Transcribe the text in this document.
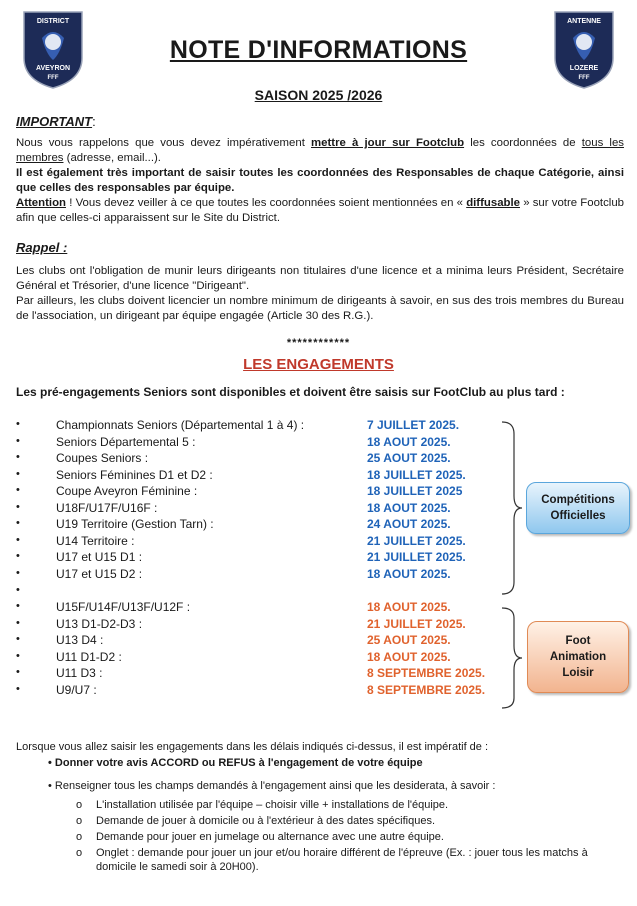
DISTRICT
AVEYRON
FFF
ANTENNE
LOZERE
FFF
NOTE D'INFORMATIONS
SAISON 2025 /2026
IMPORTANT:
Nous vous rappelons que vous devez impérativement mettre à jour sur Footclub les coordonnées de tous les membres (adresse, email...).
Il est également très important de saisir toutes les coordonnées des Responsables de chaque Catégorie, ainsi que celles des responsables par équipe.
Attention ! Vous devez veiller à ce que toutes les coordonnées soient mentionnées en « diffusable » sur votre Footclub afin que celles-ci apparaissent sur le Site du District.
Rappel :
Les clubs ont l'obligation de munir leurs dirigeants non titulaires d'une licence et a minima leurs Président, Secrétaire Général et Trésorier, d'une licence "Dirigeant".
Par ailleurs, les clubs doivent licencier un nombre minimum de dirigeants à savoir, en sus des trois membres du Bureau de l'association, un dirigeant par équipe engagée (Article 30 des R.G.).
************
LES ENGAGEMENTS
Les pré-engagements Seniors sont disponibles et doivent être saisis sur FootClub au plus tard :
•	Championnats Seniors (Départemental 1 à 4) :	7 JUILLET 2025.
•	Seniors Départemental 5 :	18 AOUT 2025.
•	Coupes Seniors :	25 AOUT 2025.
•	Seniors Féminines D1 et D2 :	18 JUILLET 2025.
•	Coupe Aveyron Féminine :	18 JUILLET 2025
•	U18F/U17F/U16F :	18 AOUT 2025.
•	U19 Territoire (Gestion Tarn) :	24 AOUT 2025.
•	U14 Territoire :	21 JUILLET 2025.
•	U17 et U15 D1 :	21 JUILLET 2025.
•	U17 et U15 D2 :	18 AOUT 2025.
•
•	U15F/U14F/U13F/U12F :	18 AOUT 2025.
•	U13 D1-D2-D3 :	21 JUILLET 2025.
•	U13 D4 :	25 AOUT 2025.
•	U11 D1-D2 :	18 AOUT 2025.
•	U11 D3 :	8 SEPTEMBRE 2025.
•	U9/U7 :	8 SEPTEMBRE 2025.
Compétitions
Officielles
Foot
Animation
Loisir
Lorsque vous allez saisir les engagements dans les délais indiqués ci-dessus, il est impératif de :
• Donner votre avis ACCORD ou REFUS à l'engagement de votre équipe
• Renseigner tous les champs demandés à l'engagement ainsi que les desiderata, à savoir :
o L'installation utilisée par l'équipe – choisir ville + installations de l'équipe.
o Demande de jouer à domicile ou à l'extérieur à des dates spécifiques.
o Demande pour jouer en jumelage ou alternance avec une autre équipe.
o Onglet : demande pour jouer un jour et/ou horaire différent de l'épreuve (Ex. : jouer tous les matchs à domicile le samedi soir à 20H00).
